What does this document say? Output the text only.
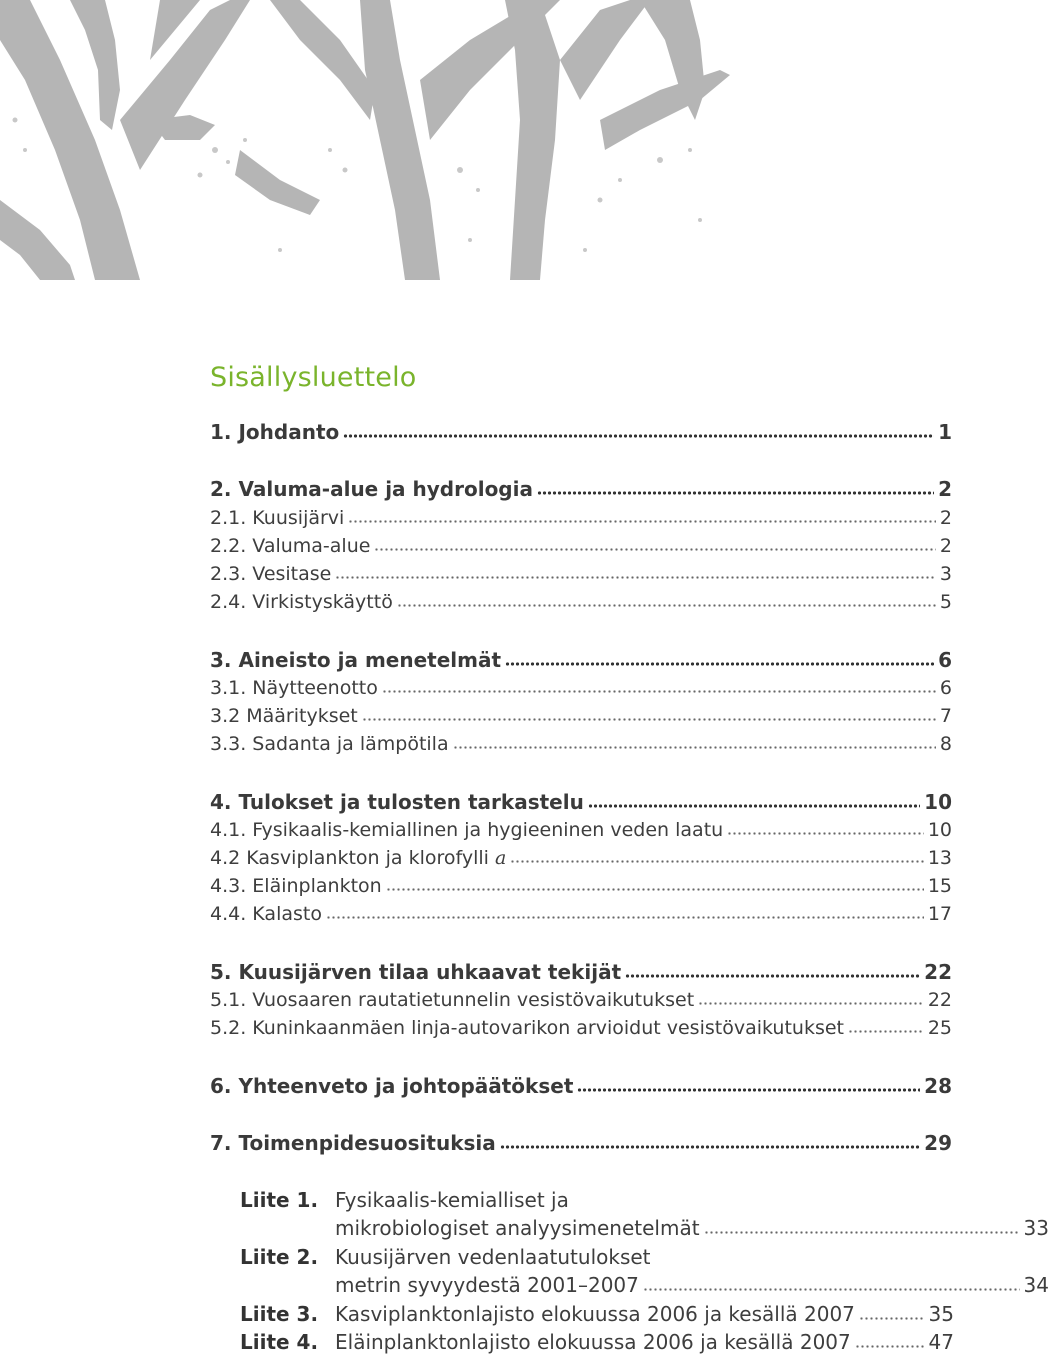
Sisällysluettelo
1. Johdanto	1
2. Valuma-alue ja hydrologia	2
2.1. Kuusijärvi	2
2.2. Valuma-alue	2
2.3. Vesitase	3
2.4. Virkistyskäyttö	5
3. Aineisto ja menetelmät	6
3.1. Näytteenotto	6
3.2 Määritykset	7
3.3. Sadanta ja lämpötila	8
4. Tulokset ja tulosten tarkastelu	10
4.1. Fysikaalis-kemiallinen ja hygieeninen veden laatu	10
4.2 Kasviplankton ja klorofylli a	13
4.3. Eläinplankton	15
4.4. Kalasto	17
5. Kuusijärven tilaa uhkaavat tekijät	22
5.1. Vuosaaren rautatietunnelin vesistövaikutukset	22
5.2. Kuninkaanmäen linja-autovarikon arvioidut vesistövaikutukset	25
6. Yhteenveto ja johtopäätökset	28
7. Toimenpidesuosituksia	29
Liite 1. Fysikaalis-kemialliset ja
mikrobiologiset analyysimenetelmät	33
Liite 2. Kuusijärven vedenlaatutulokset
metrin syvyydestä 2001–2007	34
Liite 3. Kasviplanktonlajisto elokuussa 2006 ja kesällä 2007	35
Liite 4. Eläinplanktonlajisto elokuussa 2006 ja kesällä 2007	47
